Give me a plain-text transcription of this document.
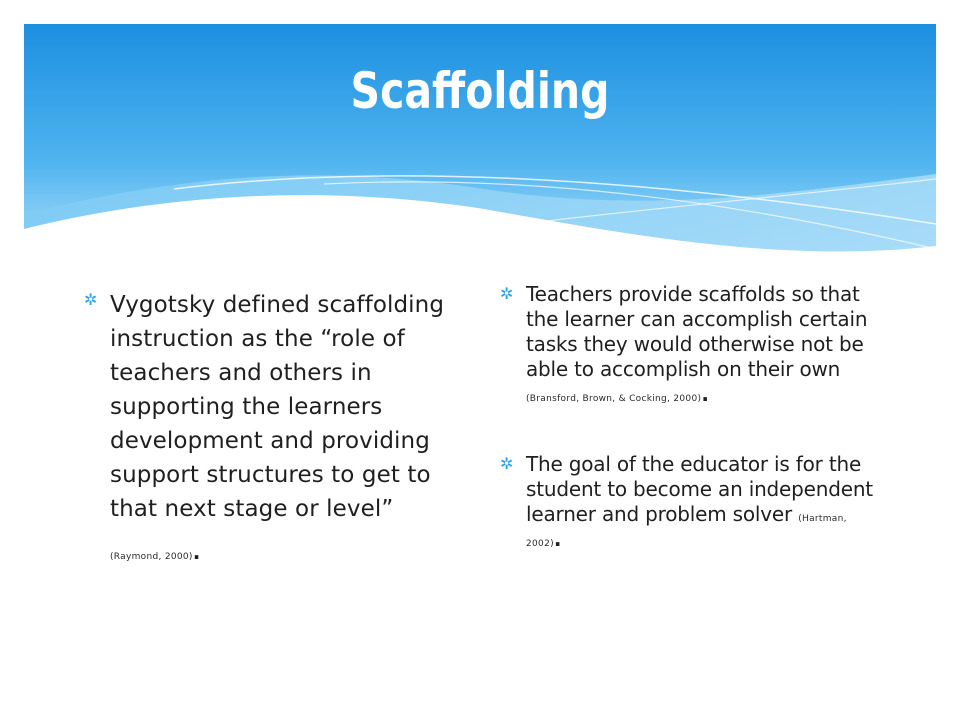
Scaffolding
✲ Vygotsky defined scaffolding instruction as the “role of teachers and others in supporting the learners development and providing support structures to get to that next stage or level”
(Raymond, 2000).
✲ Teachers provide scaffolds so that the learner can accomplish certain tasks they would otherwise not be able to accomplish on their own (Bransford, Brown, & Cocking, 2000).
✲ The goal of the educator is for the student to become an independent learner and problem solver (Hartman, 2002).
